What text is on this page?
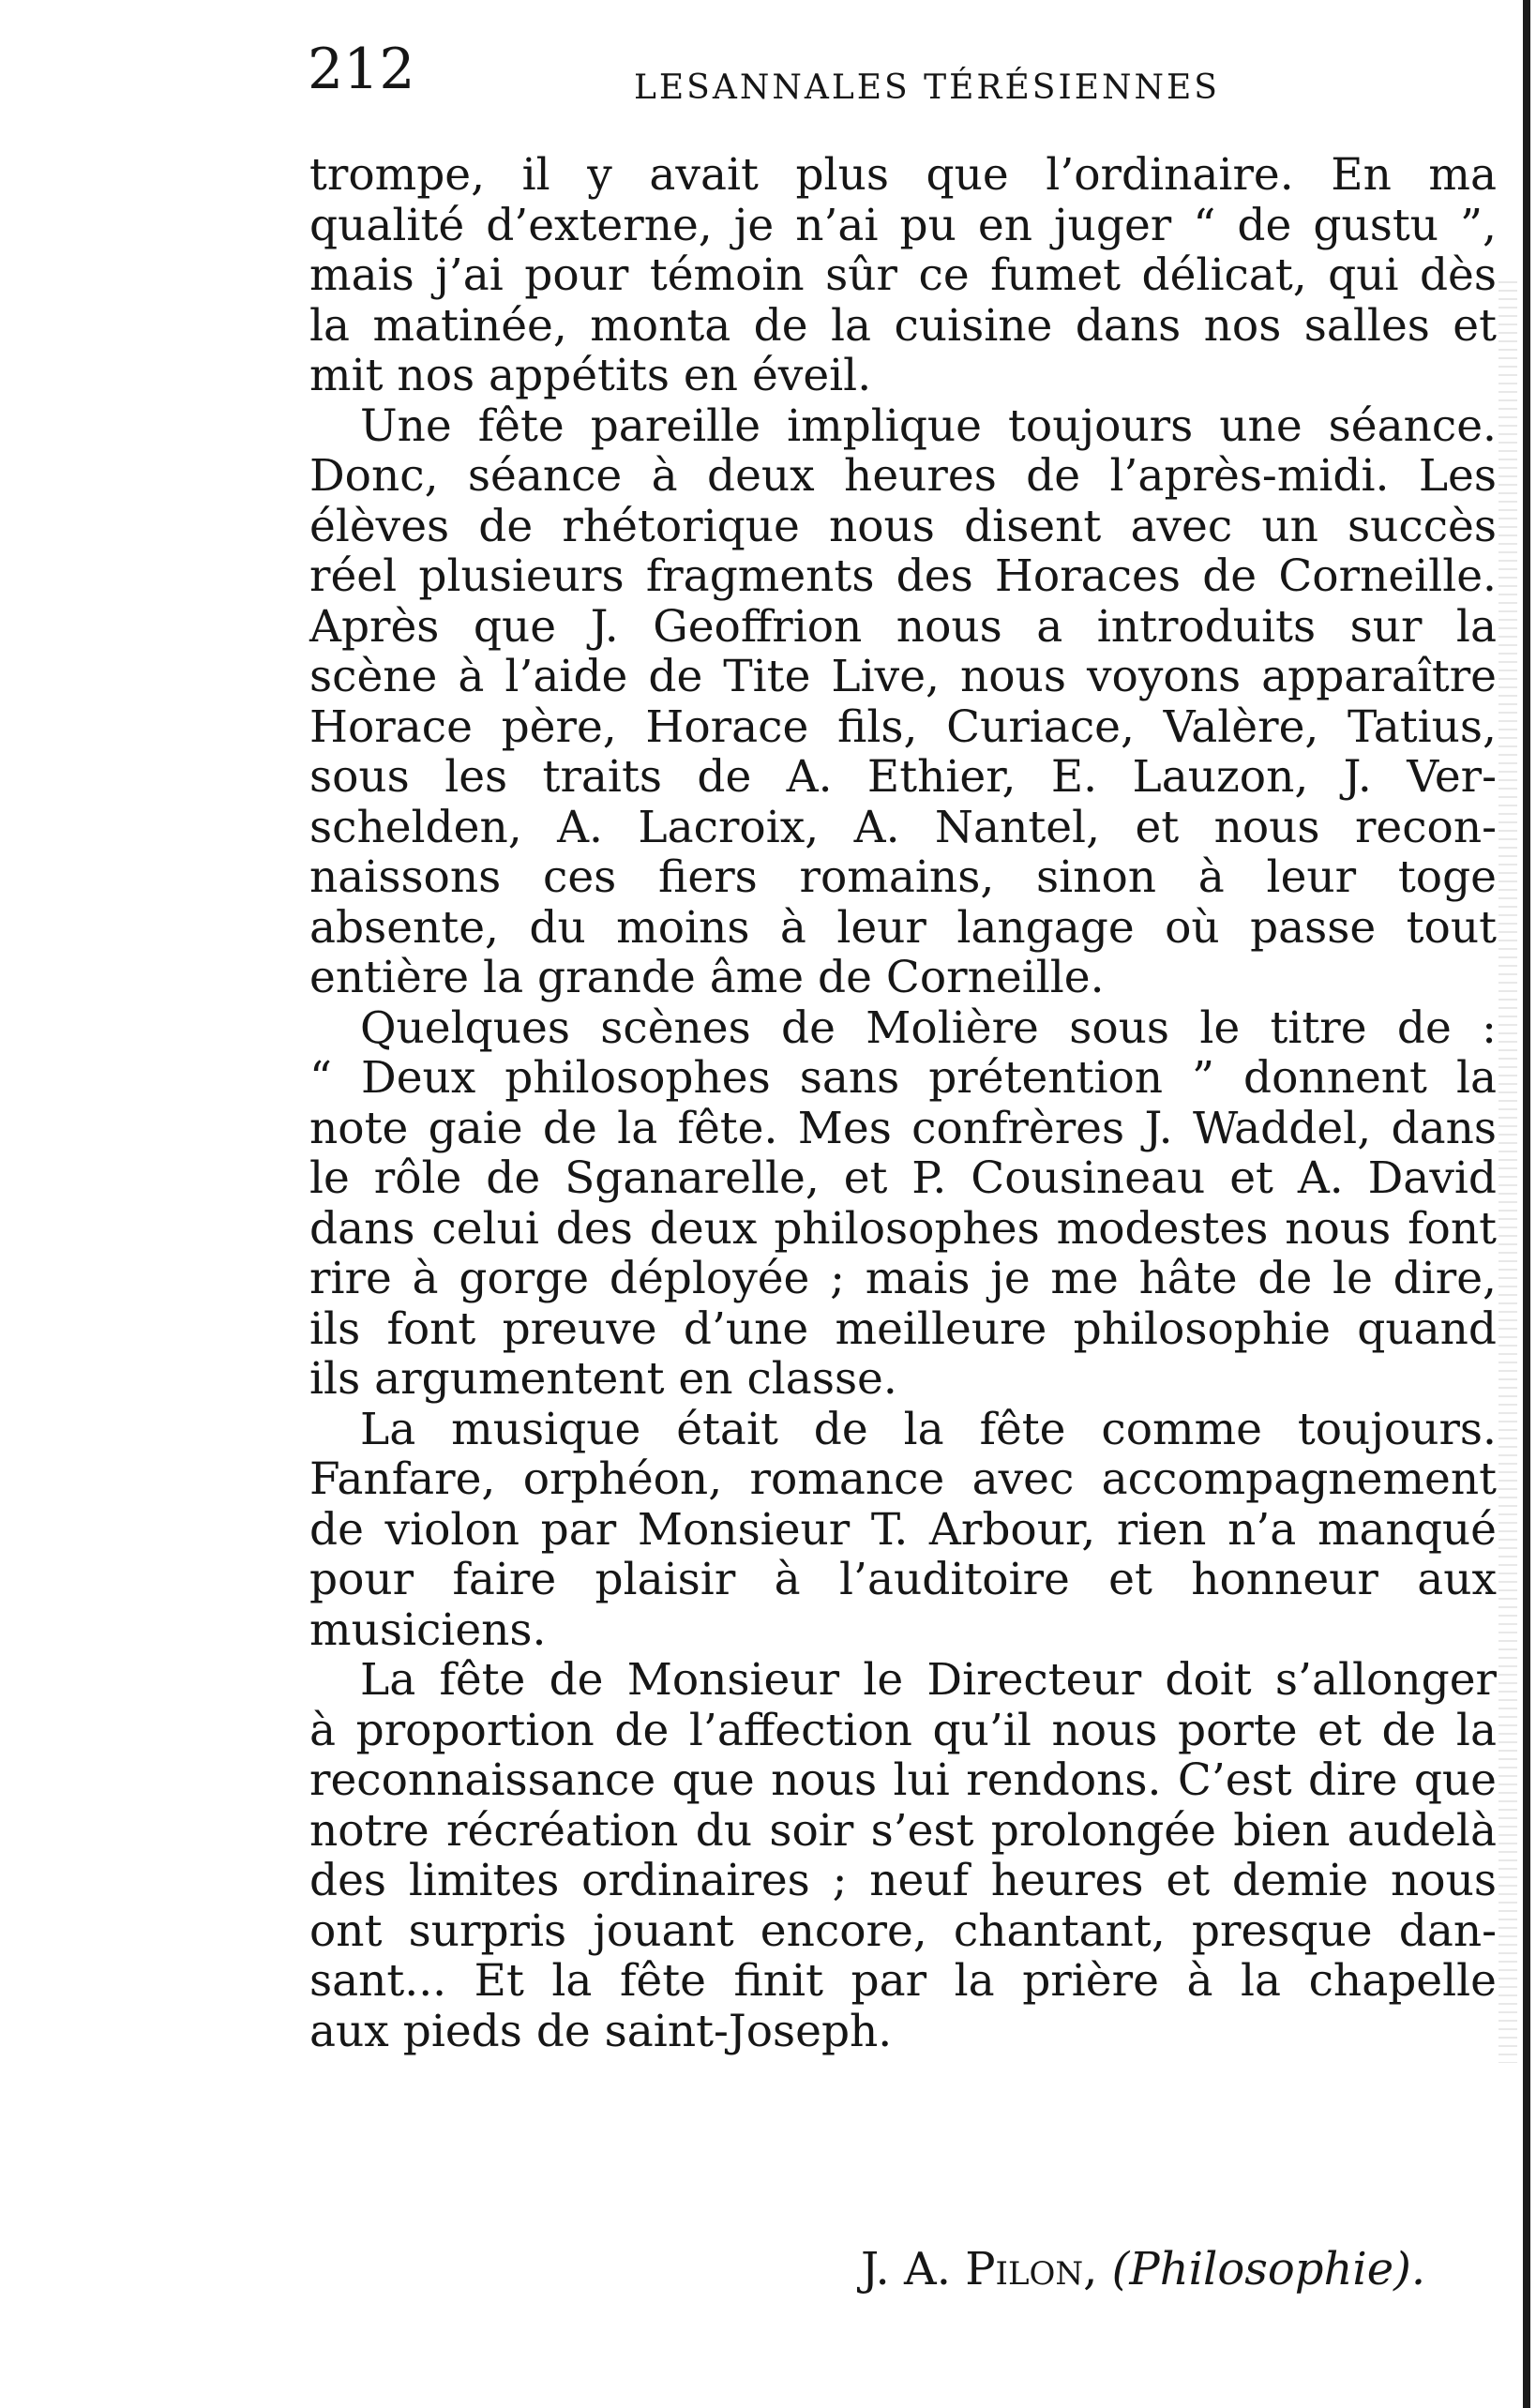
212	LESANNALES TÉRÉSIENNES
trompe, il y avait plus que l’ordinaire. En ma
qualité d’externe, je n’ai pu en juger “ de gustu ”,
mais j’ai pour témoin sûr ce fumet délicat, qui dès
la matinée, monta de la cuisine dans nos salles et
mit nos appétits en éveil.
Une fête pareille implique toujours une séance.
Donc, séance à deux heures de l’après-midi. Les
élèves de rhétorique nous disent avec un succès
réel plusieurs fragments des Horaces de Corneille.
Après que J. Geoffrion nous a introduits sur la
scène à l’aide de Tite Live, nous voyons apparaître
Horace père, Horace fils, Curiace, Valère, Tatius,
sous les traits de A. Ethier, E. Lauzon, J. Ver-
schelden, A. Lacroix, A. Nantel, et nous recon-
naissons ces fiers romains, sinon à leur toge
absente, du moins à leur langage où passe tout
entière la grande âme de Corneille.
Quelques scènes de Molière sous le titre de :
“ Deux philosophes sans prétention ” donnent la
note gaie de la fête. Mes confrères J. Waddel, dans
le rôle de Sganarelle, et P. Cousineau et A. David
dans celui des deux philosophes modestes nous font
rire à gorge déployée ; mais je me hâte de le dire,
ils font preuve d’une meilleure philosophie quand
ils argumentent en classe.
La musique était de la fête comme toujours.
Fanfare, orphéon, romance avec accompagnement
de violon par Monsieur T. Arbour, rien n’a manqué
pour faire plaisir à l’auditoire et honneur aux
musiciens.
La fête de Monsieur le Directeur doit s’allonger
à proportion de l’affection qu’il nous porte et de la
reconnaissance que nous lui rendons. C’est dire que
notre récréation du soir s’est prolongée bien audelà
des limites ordinaires ; neuf heures et demie nous
ont surpris jouant encore, chantant, presque dan-
sant... Et la fête finit par la prière à la chapelle
aux pieds de saint-Joseph.
J. A. Pilon, (Philosophie).
